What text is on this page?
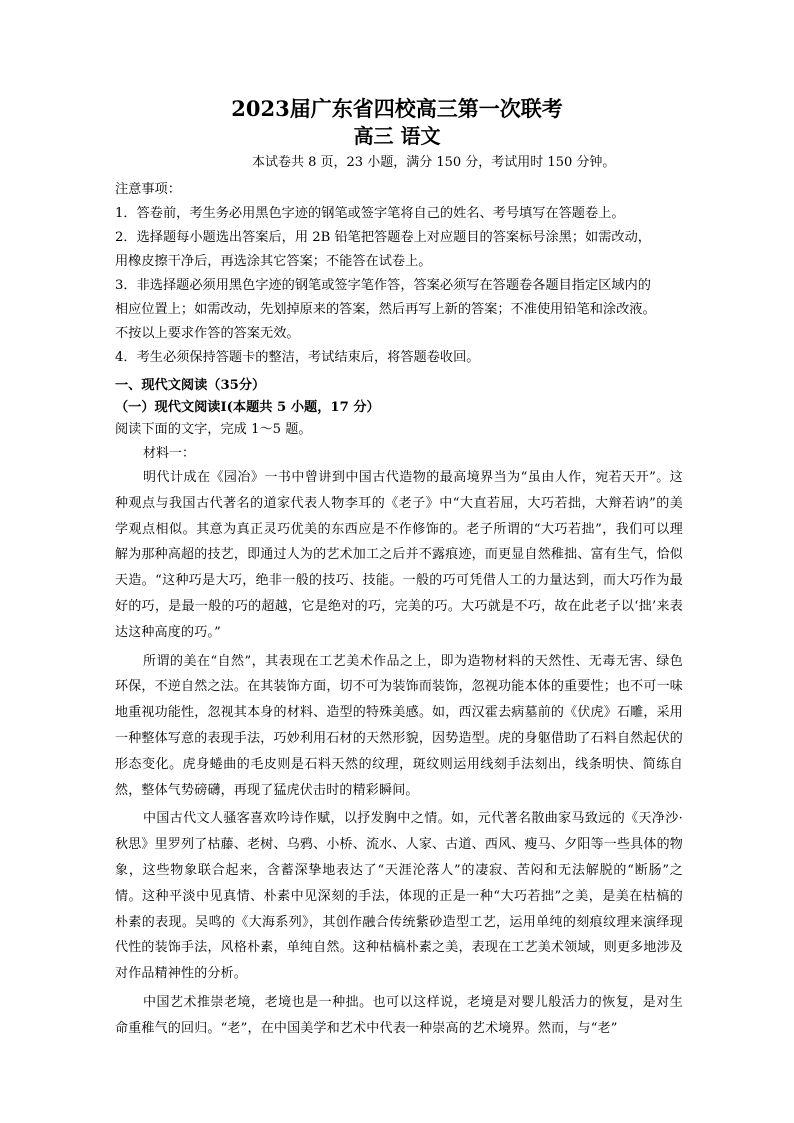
2023届广东省四校高三第一次联考
高三 语文
本试卷共 8 页，23 小题，满分 150 分，考试用时 150 分钟。
注意事项：
1．答卷前，考生务必用黑色字迹的钢笔或签字笔将自己的姓名、考号填写在答题卷上。
2．选择题每小题选出答案后，用 2B 铅笔把答题卷上对应题目的答案标号涂黑；如需改动，
用橡皮擦干净后，再选涂其它答案；不能答在试卷上。
3．非选择题必须用黑色字迹的钢笔或签字笔作答，答案必须写在答题卷各题目指定区域内的
相应位置上；如需改动，先划掉原来的答案，然后再写上新的答案；不准使用铅笔和涂改液。
不按以上要求作答的答案无效。
4．考生必须保持答题卡的整洁，考试结束后，将答题卷收回。
一、现代文阅读（35分）
（一）现代文阅读Ⅰ(本题共 5 小题，17 分）
阅读下面的文字，完成 1～5 题。
材料一：

明代计成在《园冶》一书中曾讲到中国古代造物的最高境界当为“虽由人作，宛若天开”。这种观点与我国古代著名的道家代表人物李耳的《老子》中“大直若屈，大巧若拙，大辩若讷”的美学观点相似。其意为真正灵巧优美的东西应是不作修饰的。老子所谓的“大巧若拙”，我们可以理解为那种高超的技艺，即通过人为的艺术加工之后并不露痕迹，而更显自然稚拙、富有生气，恰似天造。“这种巧是大巧，绝非一般的技巧、技能。一般的巧可凭借人工的力量达到，而大巧作为最好的巧，是最一般的巧的超越，它是绝对的巧，完美的巧。大巧就是不巧，故在此老子以‘拙’来表达这种高度的巧。”

所谓的美在“自然”，其表现在工艺美术作品之上，即为造物材料的天然性、无毒无害、绿色环保，不逆自然之法。在其装饰方面，切不可为装饰而装饰，忽视功能本体的重要性；也不可一味地重视功能性，忽视其本身的材料、造型的特殊美感。如，西汉霍去病墓前的《伏虎》石雕，采用一种整体写意的表现手法，巧妙利用石材的天然形貌，因势造型。虎的身躯借助了石料自然起伏的形态变化。虎身蜷曲的毛皮则是石料天然的纹理，斑纹则运用线刻手法刻出，线条明快、简练自然，整体气势磅礴，再现了猛虎伏击时的精彩瞬间。

中国古代文人骚客喜欢吟诗作赋，以抒发胸中之情。如，元代著名散曲家马致远的《天净沙·秋思》里罗列了枯藤、老树、乌鸦、小桥、流水、人家、古道、西风、瘦马、夕阳等一些具体的物象，这些物象联合起来，含蓄深挚地表达了“天涯沦落人”的凄寂、苦闷和无法解脱的“断肠”之情。这种平淡中见真情、朴素中见深刻的手法，体现的正是一种“大巧若拙”之美，是美在枯槁的朴素的表现。吴鸣的《大海系列》，其创作融合传统紫砂造型工艺，运用单纯的刻痕纹理来演绎现代性的装饰手法，风格朴素，单纯自然。这种枯槁朴素之美，表现在工艺美术领域，则更多地涉及对作品精神性的分析。

中国艺术推崇老境，老境也是一种拙。也可以这样说，老境是对婴儿般活力的恢复，是对生命重稚气的回归。“老”，在中国美学和艺术中代表一种崇高的艺术境界。然而，与“老”
